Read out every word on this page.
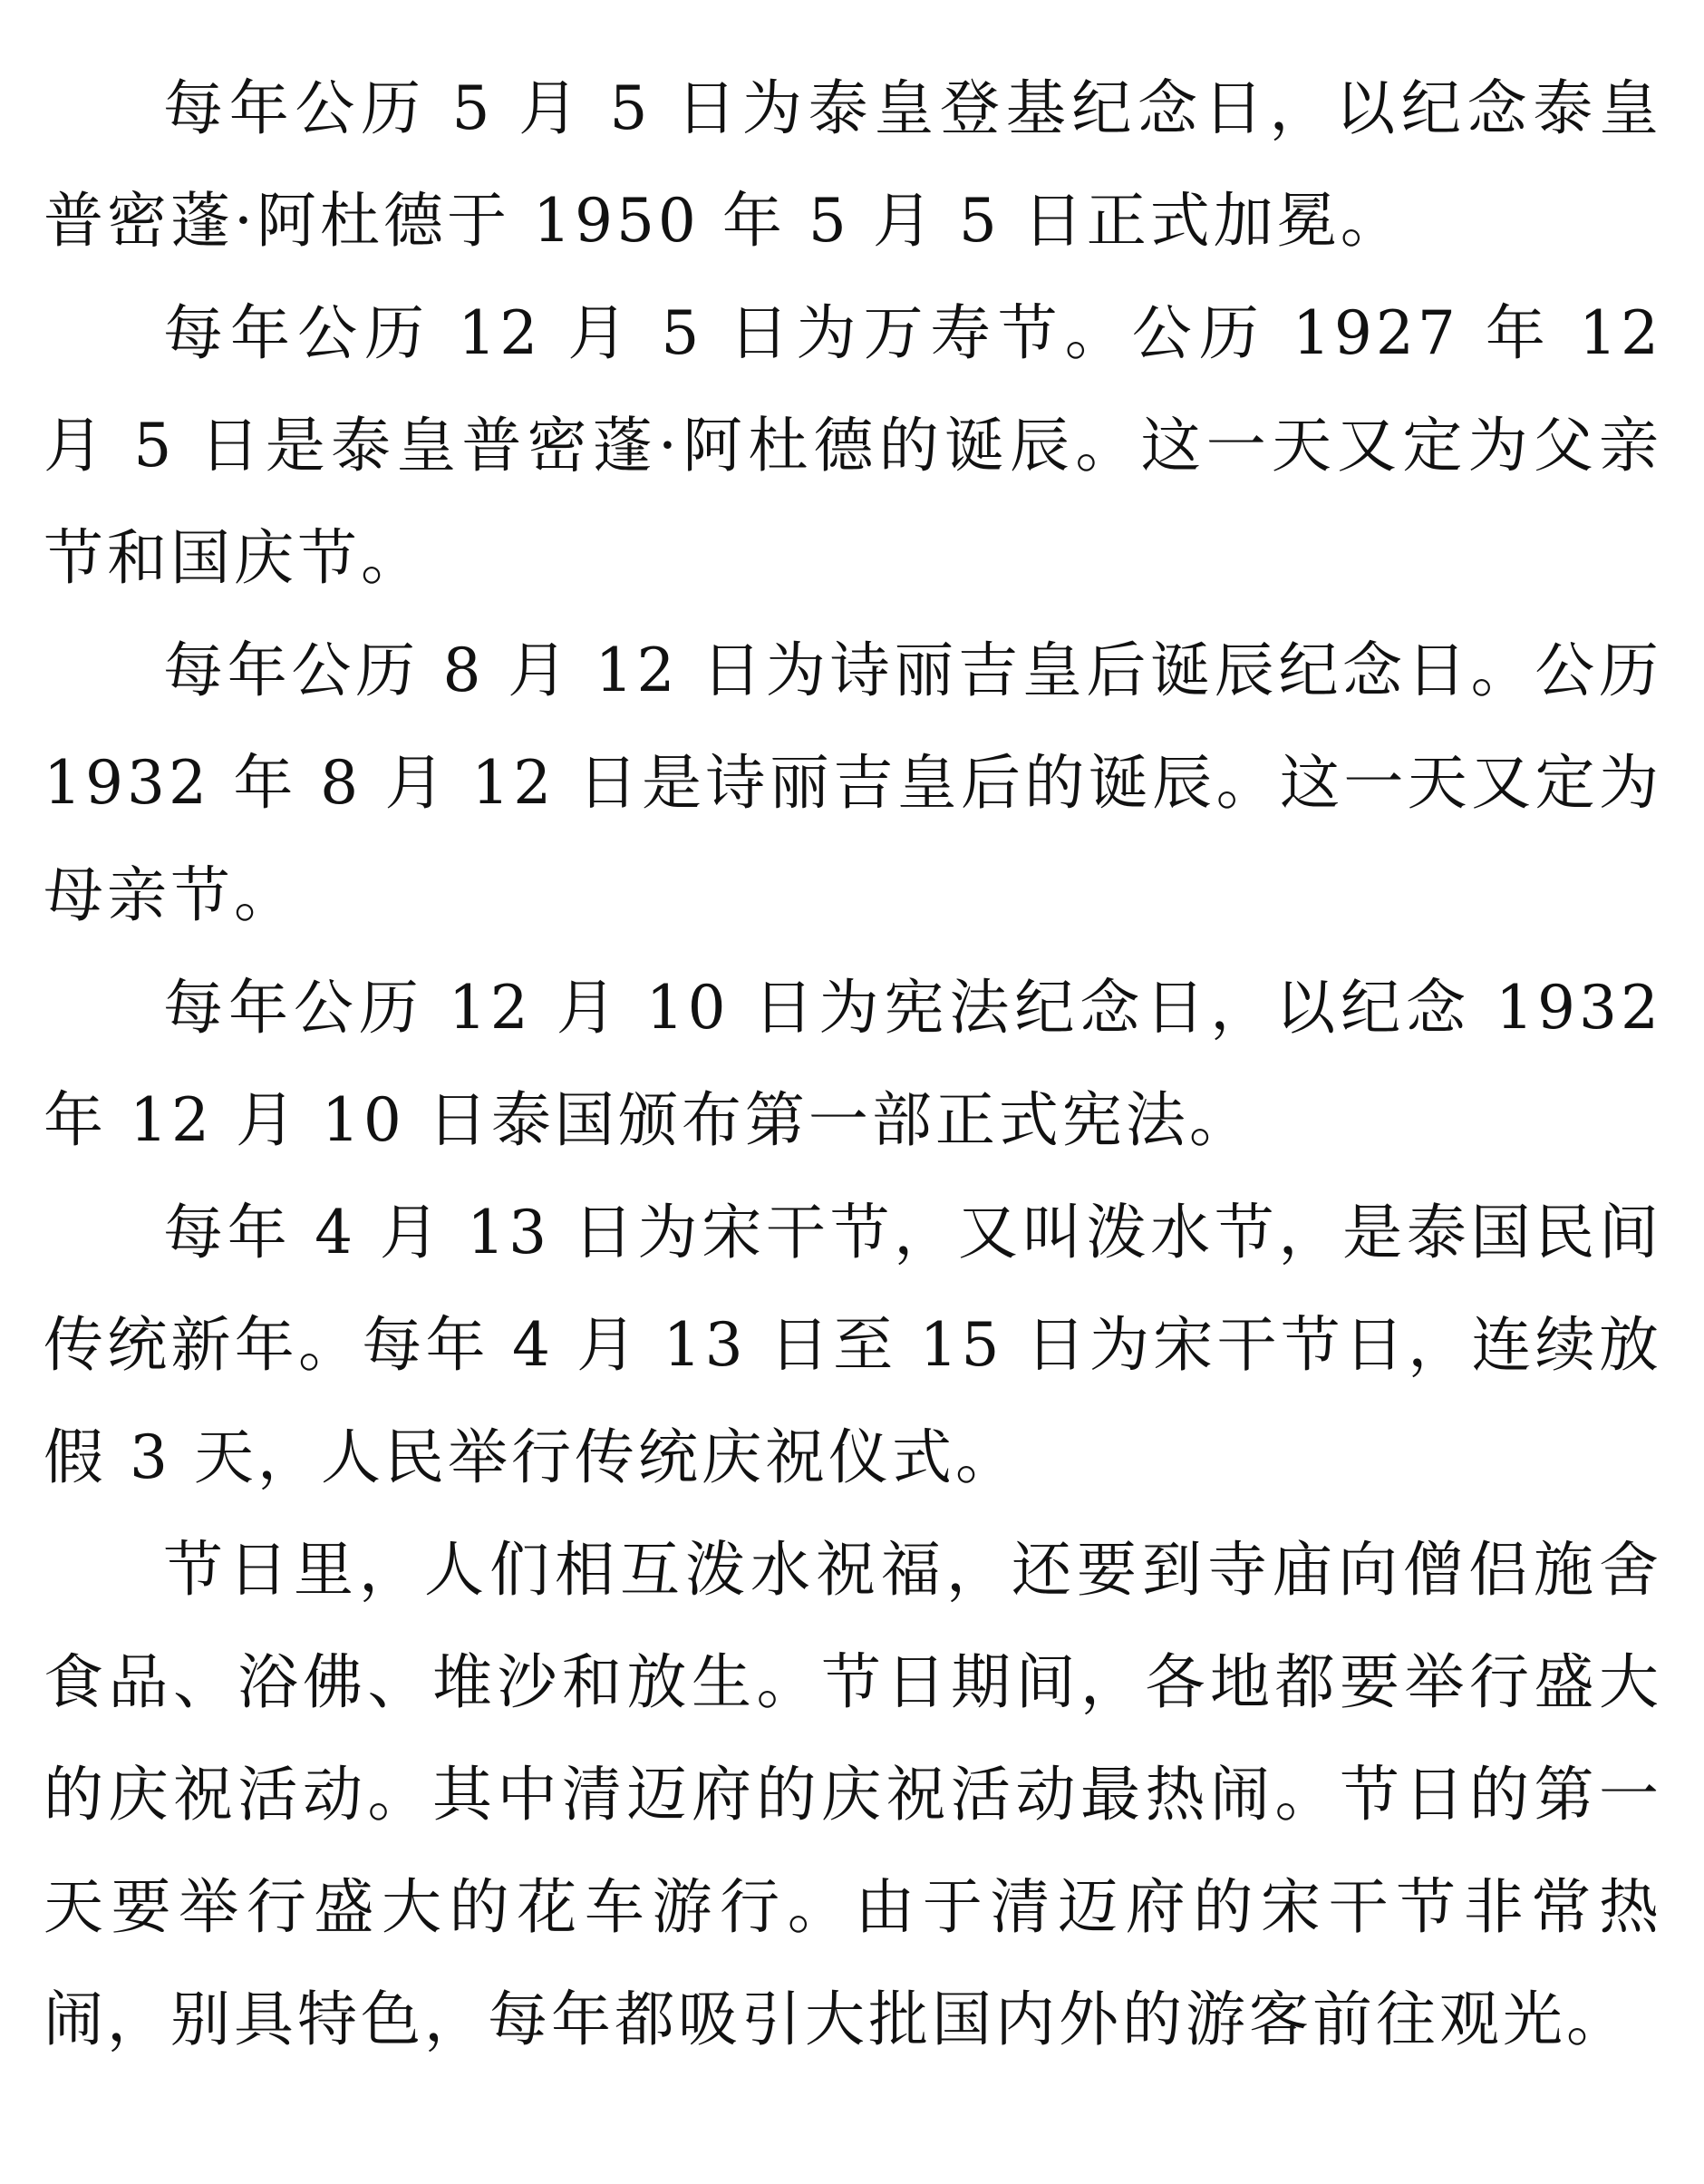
每年公历 5 月 5 日为泰皇登基纪念日，以纪念泰皇普密蓬·阿杜德于 1950 年 5 月 5 日正式加冕。

每年公历 12 月 5 日为万寿节。公历 1927 年 12 月 5 日是泰皇普密蓬·阿杜德的诞辰。这一天又定为父亲节和国庆节。

每年公历 8 月 12 日为诗丽吉皇后诞辰纪念日。公历 1932 年 8 月 12 日是诗丽吉皇后的诞辰。这一天又定为母亲节。

每年公历 12 月 10 日为宪法纪念日，以纪念 1932 年 12 月 10 日泰国颁布第一部正式宪法。

每年 4 月 13 日为宋干节，又叫泼水节，是泰国民间传统新年。每年 4 月 13 日至 15 日为宋干节日，连续放假 3 天，人民举行传统庆祝仪式。

节日里，人们相互泼水祝福，还要到寺庙向僧侣施舍食品、浴佛、堆沙和放生。节日期间，各地都要举行盛大的庆祝活动。其中清迈府的庆祝活动最热闹。节日的第一天要举行盛大的花车游行。由于清迈府的宋干节非常热闹，别具特色，每年都吸引大批国内外的游客前往观光。
